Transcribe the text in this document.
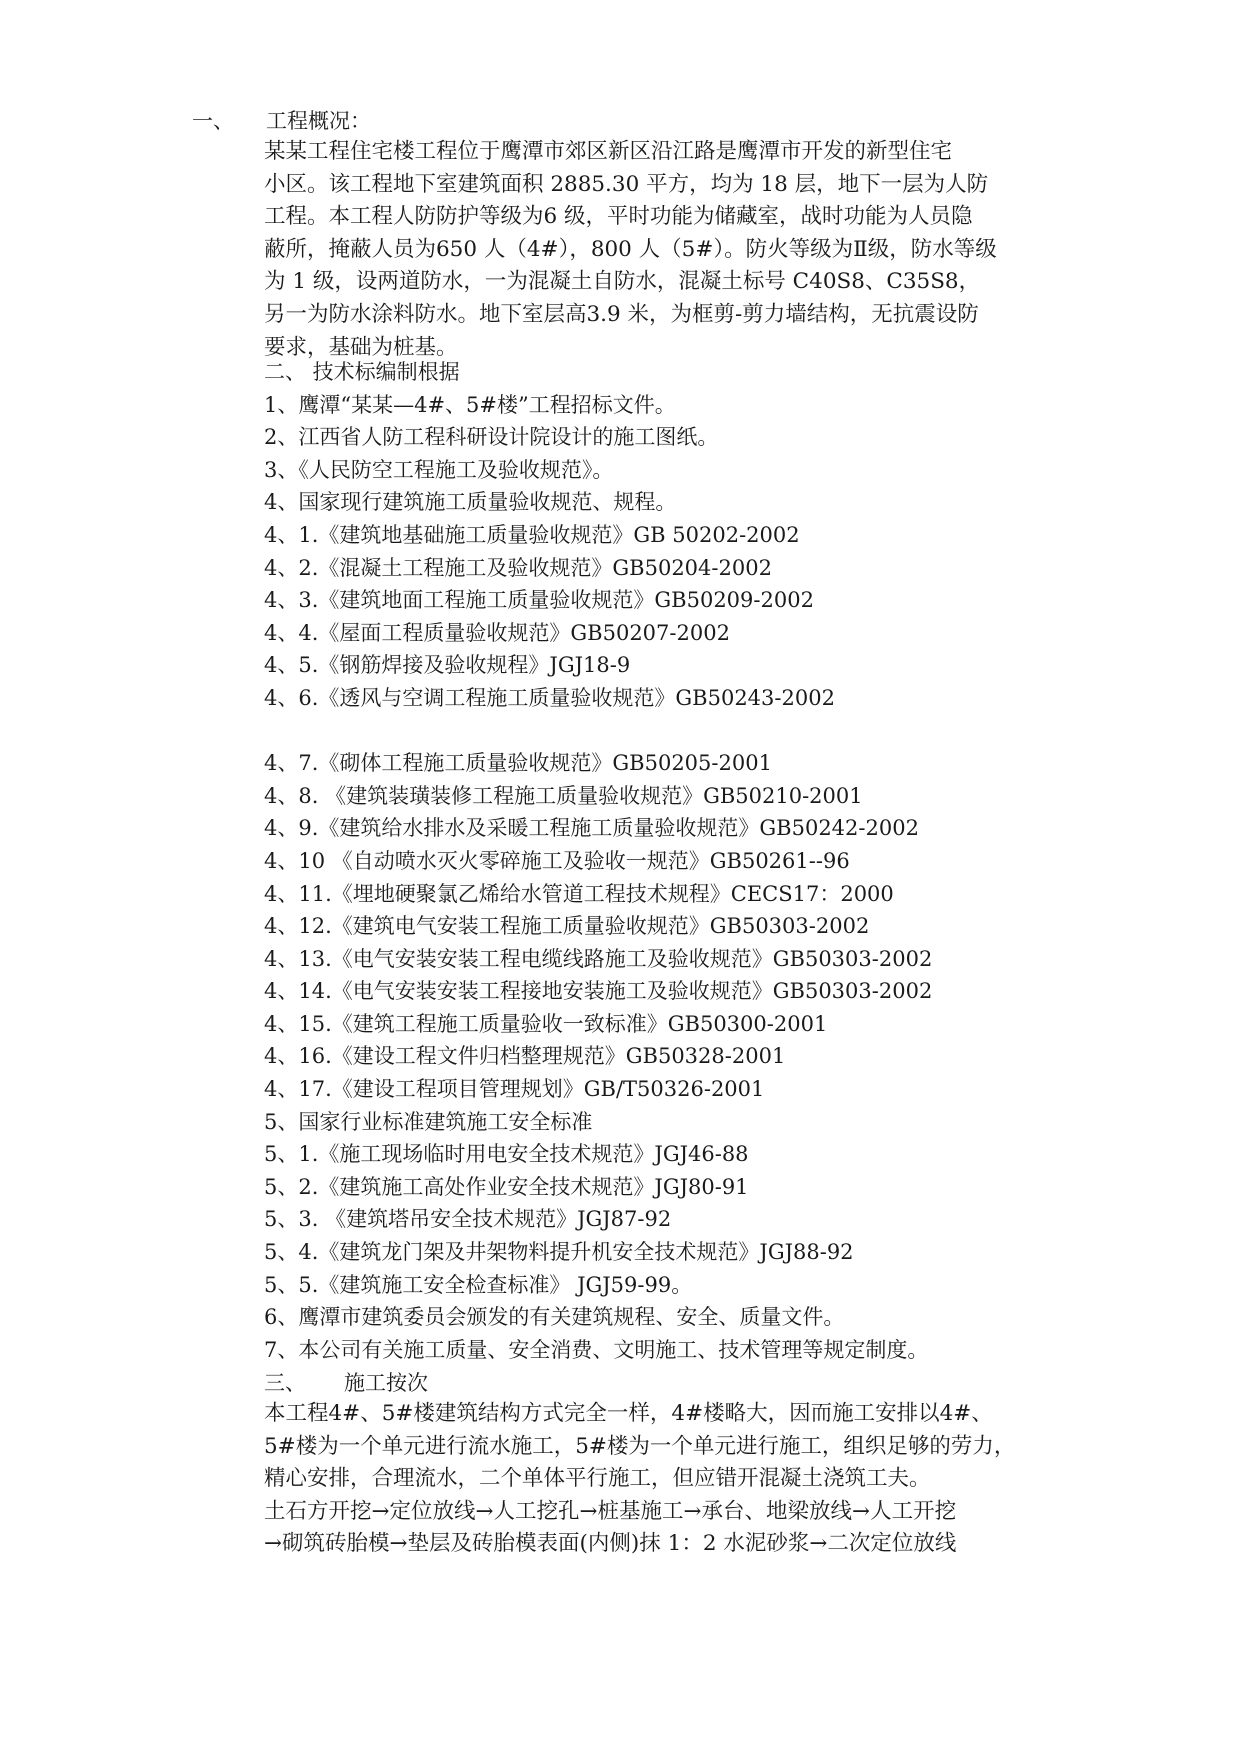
一、 工程概况：
某某工程住宅楼工程位于鹰潭市郊区新区沿江路是鹰潭市开发的新型住宅
小区。该工程地下室建筑面积 2885.30 平方，均为 18 层，地下一层为人防
工程。本工程人防防护等级为6 级，平时功能为储藏室，战时功能为人员隐
蔽所，掩蔽人员为650 人（4#），800 人（5#）。防火等级为Ⅱ级，防水等级
为 1 级，设两道防水，一为混凝土自防水，混凝土标号 C40S8、C35S8，
另一为防水涂料防水。地下室层高3.9 米，为框剪-剪力墙结构，无抗震设防
要求，基础为桩基。
二、 技术标编制根据
1、鹰潭“某某—4#、5#楼”工程招标文件。
2、江西省人防工程科研设计院设计的施工图纸。
3、《人民防空工程施工及验收规范》。
4、国家现行建筑施工质量验收规范、规程。
4、1.《建筑地基础施工质量验收规范》GB 50202-2002
4、2.《混凝土工程施工及验收规范》GB50204-2002
4、3.《建筑地面工程施工质量验收规范》GB50209-2002
4、4.《屋面工程质量验收规范》GB50207-2002
4、5.《钢筋焊接及验收规程》JGJ18-9
4、6.《透风与空调工程施工质量验收规范》GB50243-2002
4、7.《砌体工程施工质量验收规范》GB50205-2001
4、8. 《建筑装璜装修工程施工质量验收规范》GB50210-2001
4、9.《建筑给水排水及采暖工程施工质量验收规范》GB50242-2002
4、10 《自动喷水灭火零碎施工及验收一规范》GB50261--96
4、11.《埋地硬聚氯乙烯给水管道工程技术规程》CECS17：2000
4、12.《建筑电气安装工程施工质量验收规范》GB50303-2002
4、13.《电气安装安装工程电缆线路施工及验收规范》GB50303-2002
4、14.《电气安装安装工程接地安装施工及验收规范》GB50303-2002
4、15.《建筑工程施工质量验收一致标准》GB50300-2001
4、16.《建设工程文件归档整理规范》GB50328-2001
4、17.《建设工程项目管理规划》GB/T50326-2001
5、国家行业标准建筑施工安全标准
5、1.《施工现场临时用电安全技术规范》JGJ46-88
5、2.《建筑施工高处作业安全技术规范》JGJ80-91
5、3. 《建筑塔吊安全技术规范》JGJ87-92
5、4.《建筑龙门架及井架物料提升机安全技术规范》JGJ88-92
5、5.《建筑施工安全检查标准》 JGJ59-99。
6、鹰潭市建筑委员会颁发的有关建筑规程、安全、质量文件。
7、本公司有关施工质量、安全消费、文明施工、技术管理等规定制度。
三、 施工按次
本工程4#、5#楼建筑结构方式完全一样，4#楼略大，因而施工安排以4#、
5#楼为一个单元进行流水施工，5#楼为一个单元进行施工，组织足够的劳力，
精心安排，合理流水，二个单体平行施工，但应错开混凝土浇筑工夫。
土石方开挖→定位放线→人工挖孔→桩基施工→承台、地梁放线→人工开挖
→砌筑砖胎模→垫层及砖胎模表面(内侧)抹 1：2 水泥砂浆→二次定位放线
